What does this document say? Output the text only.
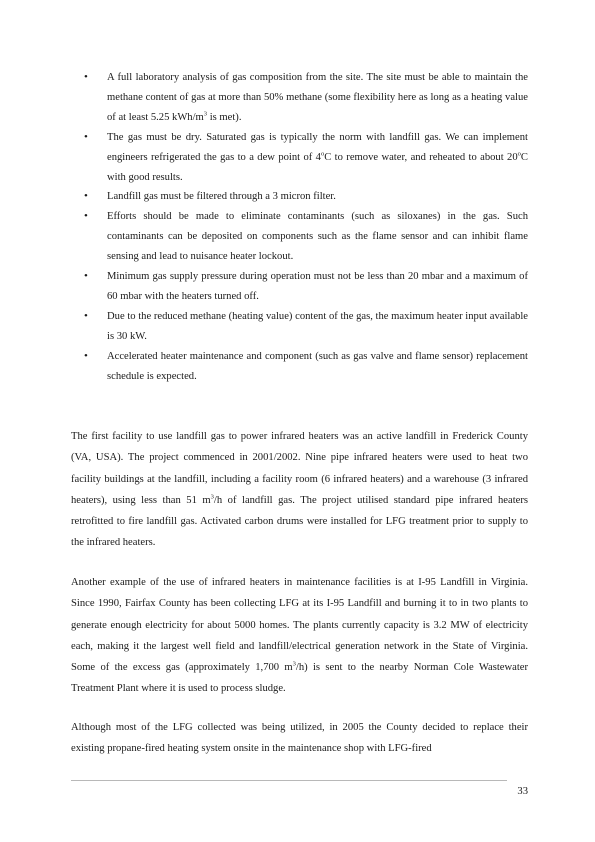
• A full laboratory analysis of gas composition from the site. The site must be able to maintain the methane content of gas at more than 50% methane (some flexibility here as long as a heating value of at least 5.25 kWh/$m^3$ is met).
• The gas must be dry. Saturated gas is typically the norm with landfill gas. We can implement engineers refrigerated the gas to a dew point of 4$^o$C to remove water, and reheated to about 20$^o$C with good results.
• Landfill gas must be filtered through a 3 micron filter.
• Efforts should be made to eliminate contaminants (such as siloxanes) in the gas. Such contaminants can be deposited on components such as the flame sensor and can inhibit flame sensing and lead to nuisance heater lockout.
• Minimum gas supply pressure during operation must not be less than 20 mbar and a maximum of 60 mbar with the heaters turned off.
• Due to the reduced methane (heating value) content of the gas, the maximum heater input available is 30 kW.
• Accelerated heater maintenance and component (such as gas valve and flame sensor) replacement schedule is expected.

The first facility to use landfill gas to power infrared heaters was an active landfill in Frederick County (VA, USA). The project commenced in 2001/2002. Nine pipe infrared heaters were used to heat two facility buildings at the landfill, including a facility room (6 infrared heaters) and a warehouse (3 infrared heaters), using less than 51 $m^3/h$ of landfill gas. The project utilised standard pipe infrared heaters retrofitted to fire landfill gas. Activated carbon drums were installed for LFG treatment prior to supply to the infrared heaters.

Another example of the use of infrared heaters in maintenance facilities is at I-95 Landfill in Virginia. Since 1990, Fairfax County has been collecting LFG at its I-95 Landfill and burning it to in two plants to generate enough electricity for about 5000 homes. The plants currently capacity is 3.2 MW of electricity each, making it the largest well field and landfill/electrical generation network in the State of Virginia. Some of the excess gas (approximately 1,700 $m^3/h$) is sent to the nearby Norman Cole Wastewater Treatment Plant where it is used to process sludge.

Although most of the LFG collected was being utilized, in 2005 the County decided to replace their existing propane-fired heating system onsite in the maintenance shop with LFG-fired

33
